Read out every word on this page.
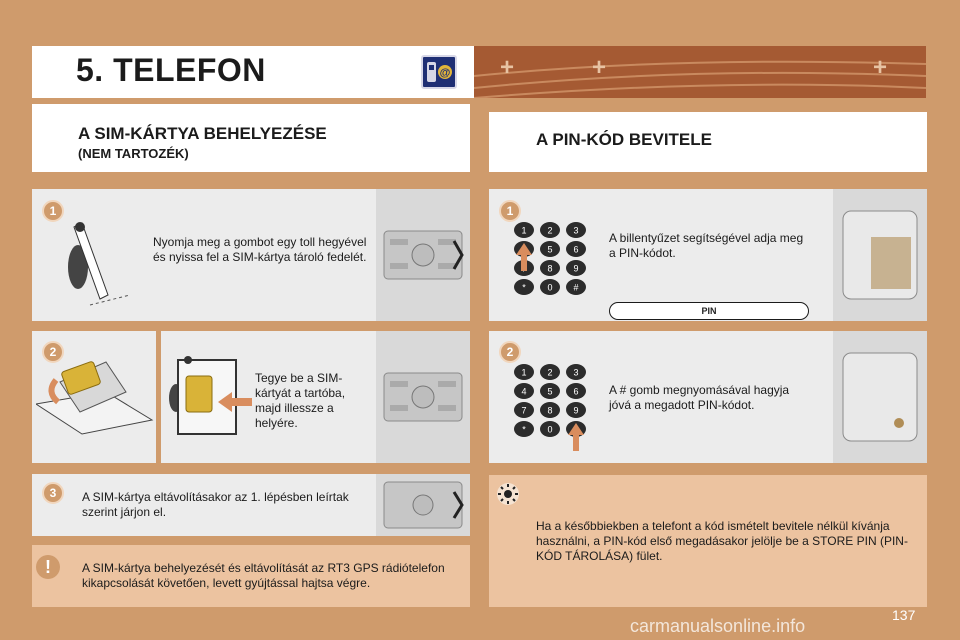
+	+	+
5. TELEFON	@
A SIM-KÁRTYA BEHELYEZÉSE
(NEM TARTOZÉK)
A PIN-KÓD BEVITELE
1
Nyomja meg a gombot egy toll hegyével és nyissa fel a SIM-kártya tároló fedelét.
2
Tegye be a SIM-kártyát a tartóba, majd illessze a helyére.
3	A SIM-kártya eltávolításakor az 1. lépésben leírtak szerint járjon el.
!	A SIM-kártya behelyezését és eltávolítását az RT3 GPS rádiótelefon kikapcsolását követően, levett gyújtással hajtsa végre.
1
1 2 3
5 6
8 9
* 0 #
A billentyűzet segítségével adja meg a PIN-kódot.
PIN
2
1 2 3
4 5 6
7 8 9
* 0
A # gomb megnyomásával hagyja jóvá a megadott PIN-kódot.
Ha a későbbiekben a telefont a kód ismételt bevitele nélkül kívánja használni, a PIN-kód első megadásakor jelölje be a STORE PIN (PIN-KÓD TÁROLÁSA) fület.
137
carmanualsonline.info
